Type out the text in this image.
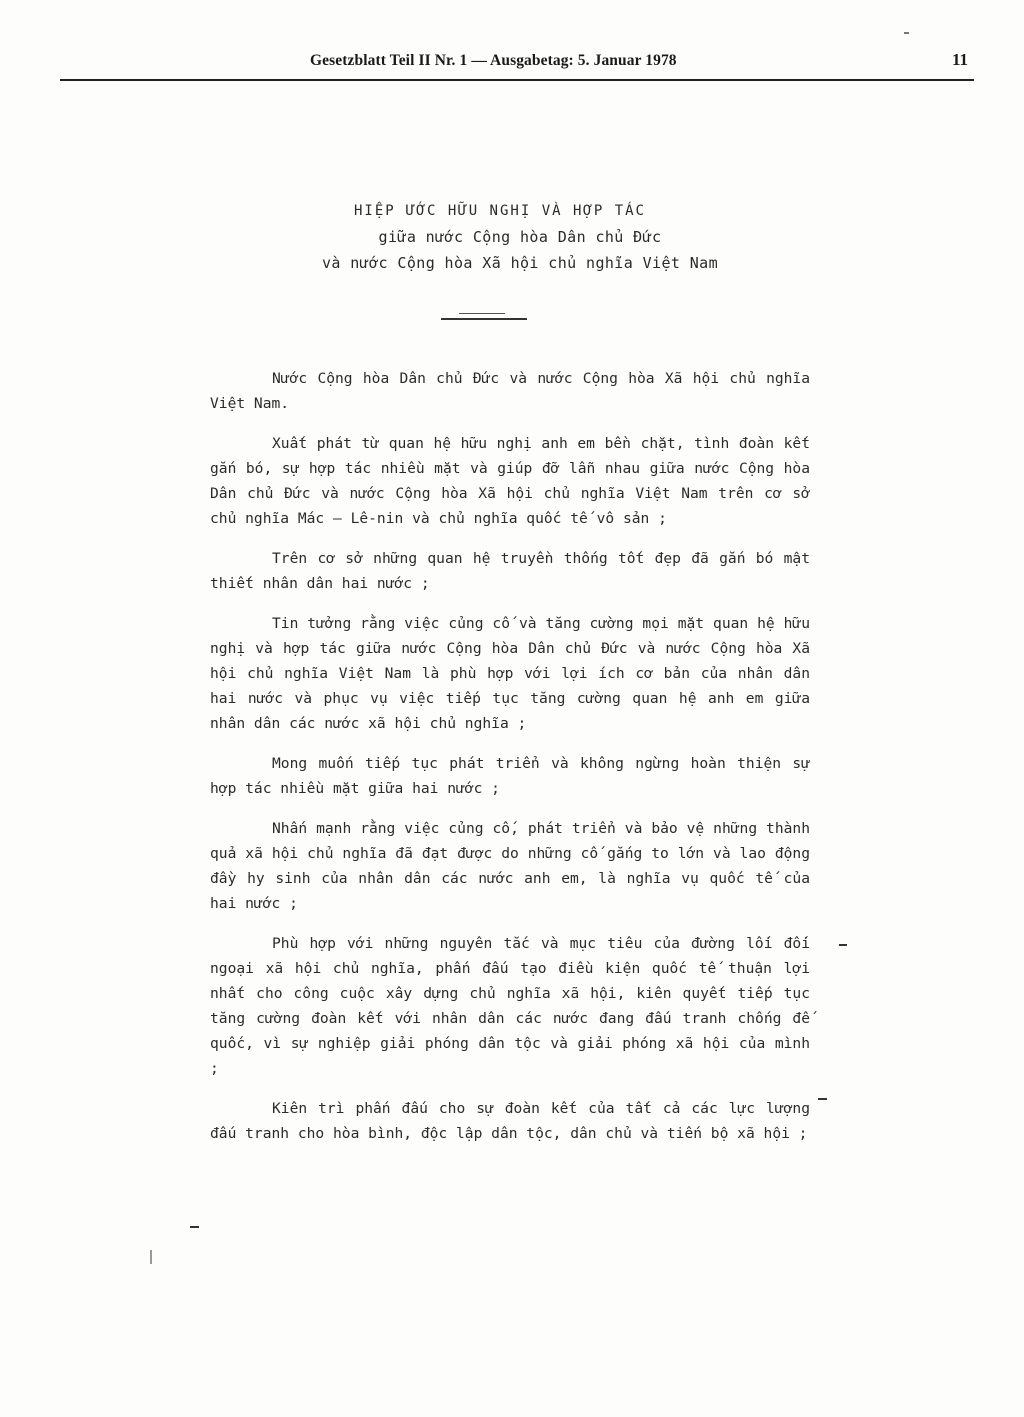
Gesetzblatt Teil II Nr. 1 — Ausgabetag: 5. Januar 1978	11
HIỆP ƯỚC HỮU NGHỊ VÀ HỢP TÁC
giữa nước Cộng hòa Dân chủ Đức
và nước Cộng hòa Xã hội chủ nghĩa Việt Nam

Nước Cộng hòa Dân chủ Đức và nước Cộng hòa Xã hội chủ nghĩa Việt Nam.

Xuất phát từ quan hệ hữu nghị anh em bền chặt, tình đoàn kết gắn bó, sự hợp tác nhiều mặt và giúp đỡ lẫn nhau giữa nước Cộng hòa Dân chủ Đức và nước Cộng hòa Xã hội chủ nghĩa Việt Nam trên cơ sở chủ nghĩa Mác – Lê-nin và chủ nghĩa quốc tế vô sản ;

Trên cơ sở những quan hệ truyền thống tốt đẹp đã gắn bó mật thiết nhân dân hai nước ;

Tin tưởng rằng việc củng cố và tăng cường mọi mặt quan hệ hữu nghị và hợp tác giữa nước Cộng hòa Dân chủ Đức và nước Cộng hòa Xã hội chủ nghĩa Việt Nam là phù hợp với lợi ích cơ bản của nhân dân hai nước và phục vụ việc tiếp tục tăng cường quan hệ anh em giữa nhân dân các nước xã hội chủ nghĩa ;

Mong muốn tiếp tục phát triển và không ngừng hoàn thiện sự hợp tác nhiều mặt giữa hai nước ;

Nhấn mạnh rằng việc củng cố, phát triển và bảo vệ những thành quả xã hội chủ nghĩa đã đạt được do những cố gắng to lớn và lao động đầy hy sinh của nhân dân các nước anh em, là nghĩa vụ quốc tế của hai nước ;

Phù hợp với những nguyên tắc và mục tiêu của đường lối đối ngoại xã hội chủ nghĩa, phấn đấu tạo điều kiện quốc tế thuận lợi nhất cho công cuộc xây dựng chủ nghĩa xã hội, kiên quyết tiếp tục tăng cường đoàn kết với nhân dân các nước đang đấu tranh chống đế quốc, vì sự nghiệp giải phóng dân tộc và giải phóng xã hội của mình ;

Kiên trì phấn đấu cho sự đoàn kết của tất cả các lực lượng đấu tranh cho hòa bình, độc lập dân tộc, dân chủ và tiến bộ xã hội ;
